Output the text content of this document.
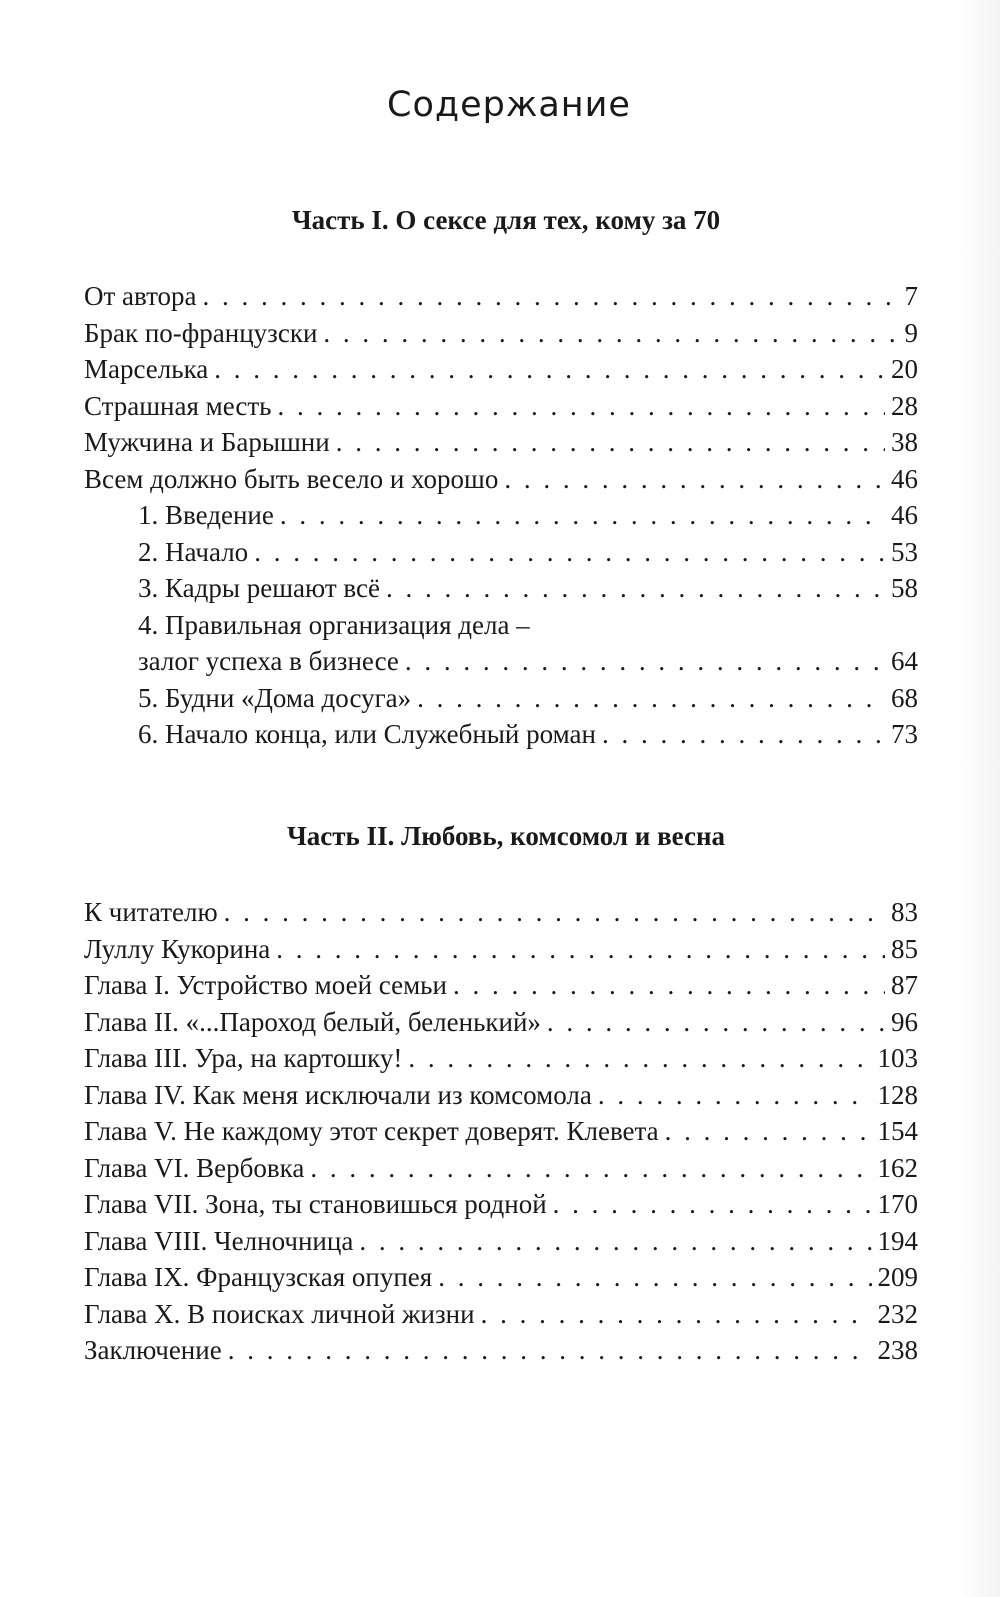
Содержание
Часть I. О сексе для тех, кому за 70
От автора . . .	7
Брак по-французски . . .	9
Марселька . . .	20
Страшная месть . . .	28
Мужчина и Барышни . . .	38
Всем должно быть весело и хорошо . . .	46
1. Введение . . .	46
2. Начало . . .	53
3. Кадры решают всё . . .	58
4. Правильная организация дела –
залог успеха в бизнесе . . .	64
5. Будни «Дома досуга» . . .	68
6. Начало конца, или Служебный роман . . .	73
Часть II. Любовь, комсомол и весна
К читателю . . .	83
Луллу Кукорина . . .	85
Глава I. Устройство моей семьи . . .	87
Глава II. «...Пароход белый, беленький» . . .	96
Глава III. Ура, на картошку! . . .	103
Глава IV. Как меня исключали из комсомола . . .	128
Глава V. Не каждому этот секрет доверят. Клевета . . .	154
Глава VI. Вербовка . . .	162
Глава VII. Зона, ты становишься родной . . .	170
Глава VIII. Челночница . . .	194
Глава IX. Французская опупея . . .	209
Глава X. В поисках личной жизни . . .	232
Заключение . . .	238
